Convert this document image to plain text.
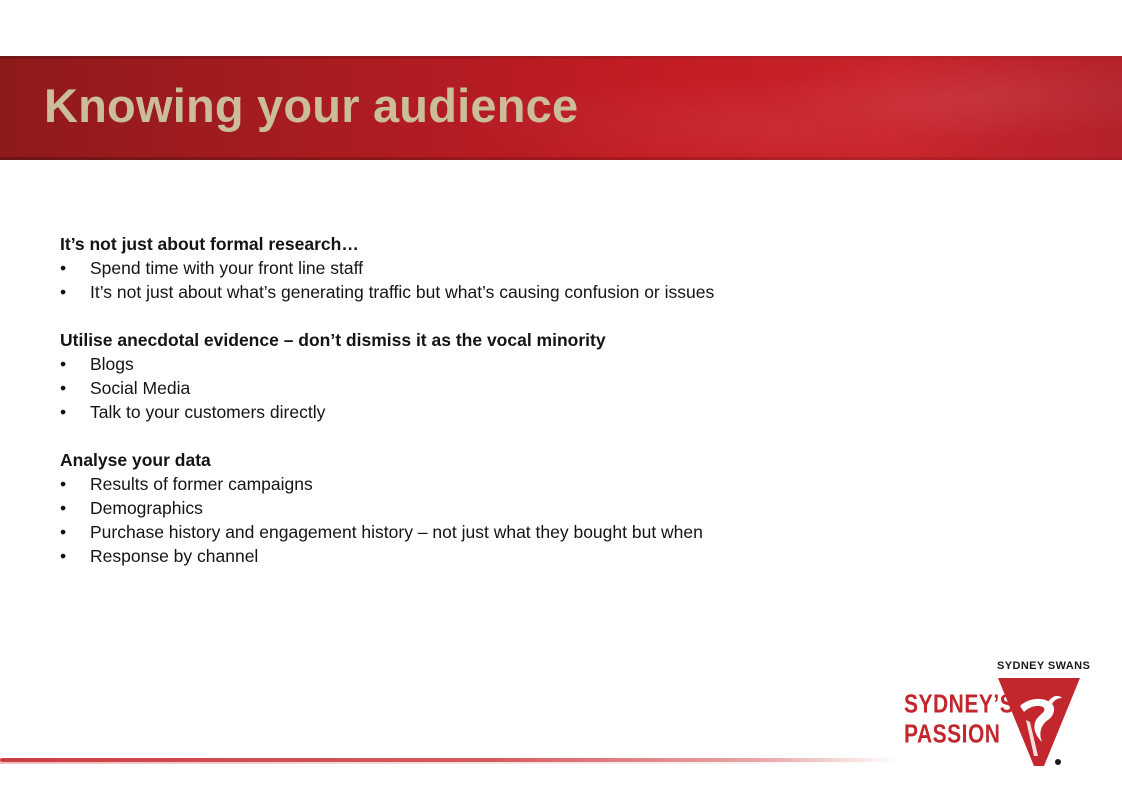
Knowing your audience

It’s not just about formal research…

• Spend time with your front line staff
• It’s not just about what’s generating traffic but what’s causing confusion or issues

Utilise anecdotal evidence – don’t dismiss it as the vocal minority

• Blogs
• Social Media
• Talk to your customers directly

Analyse your data

• Results of former campaigns
• Demographics
• Purchase history and engagement history – not just what they bought but when
• Response by channel
SYDNEY SWANS
SYDNEY’S
PASSION
